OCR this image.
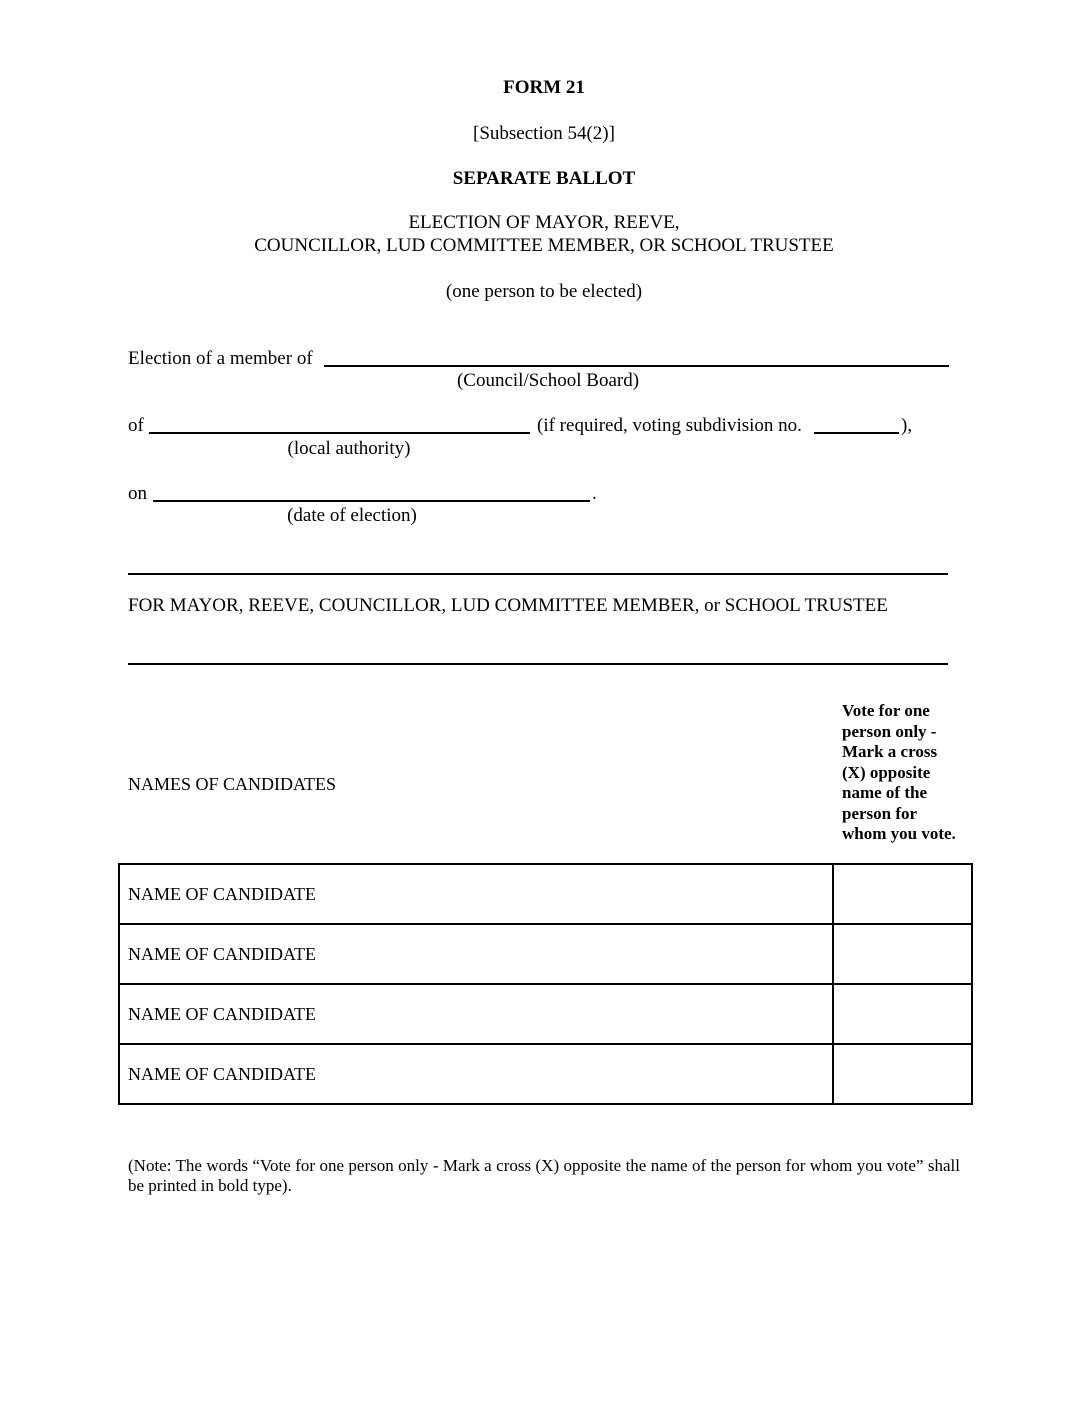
FORM 21
[Subsection 54(2)]
SEPARATE BALLOT
ELECTION OF MAYOR, REEVE,
COUNCILLOR, LUD COMMITTEE MEMBER, OR SCHOOL TRUSTEE
(one person to be elected)
Election of a member of
(Council/School Board)
of
(local authority)
(if required, voting subdivision no.	),
on	.
(date of election)
FOR MAYOR, REEVE, COUNCILLOR, LUD COMMITTEE MEMBER, or SCHOOL TRUSTEE
NAMES OF CANDIDATES
Vote for one person only - Mark a cross (X) opposite name of the person for whom you vote.
NAME OF CANDIDATE	
NAME OF CANDIDATE	
NAME OF CANDIDATE	
NAME OF CANDIDATE	
(Note: The words “Vote for one person only - Mark a cross (X) opposite the name of the person for whom you vote” shall be printed in bold type).
